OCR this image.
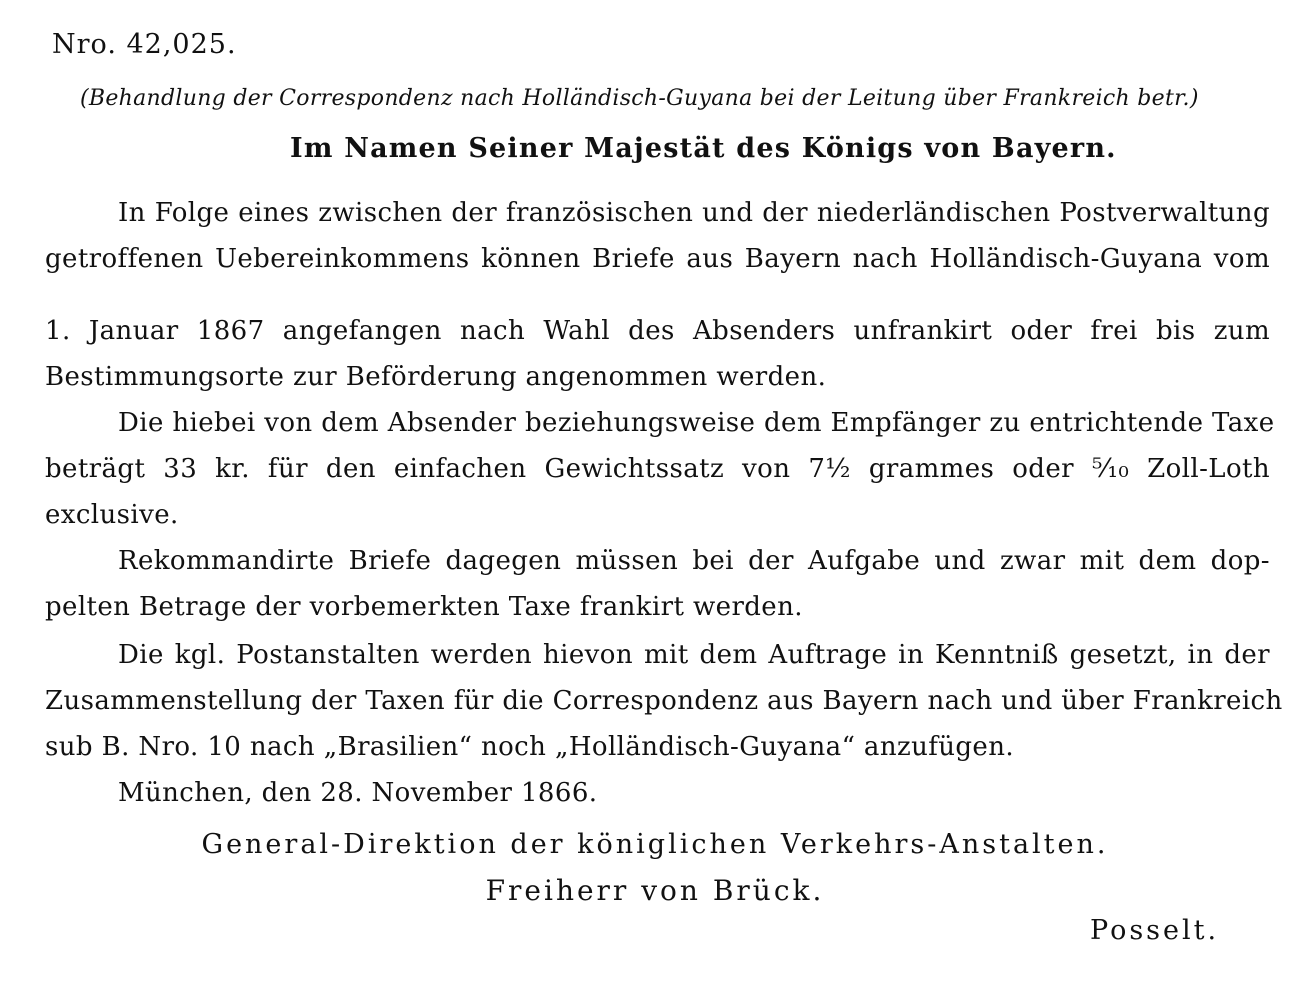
Nro. 42,025.
(Behandlung der Correspondenz nach Holländisch-Guyana bei der Leitung über Frankreich betr.)
Im Namen Seiner Majestät des Königs von Bayern.
In Folge eines zwischen der französischen und der niederländischen Postverwaltung
getroffenen Uebereinkommens können Briefe aus Bayern nach Holländisch-Guyana vom
1. Januar 1867 angefangen nach Wahl des Absenders unfrankirt oder frei bis zum
Bestimmungsorte zur Beförderung angenommen werden.
Die hiebei von dem Absender beziehungsweise dem Empfänger zu entrichtende Taxe
beträgt 33 kr. für den einfachen Gewichtssatz von 7½ grammes oder ⁵⁄₁₀ Zoll-Loth
exclusive.
Rekommandirte Briefe dagegen müssen bei der Aufgabe und zwar mit dem dop-
pelten Betrage der vorbemerkten Taxe frankirt werden.
Die kgl. Postanstalten werden hievon mit dem Auftrage in Kenntniß gesetzt, in der
Zusammenstellung der Taxen für die Correspondenz aus Bayern nach und über Frankreich
sub B. Nro. 10 nach „Brasilien“ noch „Holländisch-Guyana“ anzufügen.
München, den 28. November 1866.
General-Direktion der königlichen Verkehrs-Anstalten.
Freiherr von Brück.
Posselt.
